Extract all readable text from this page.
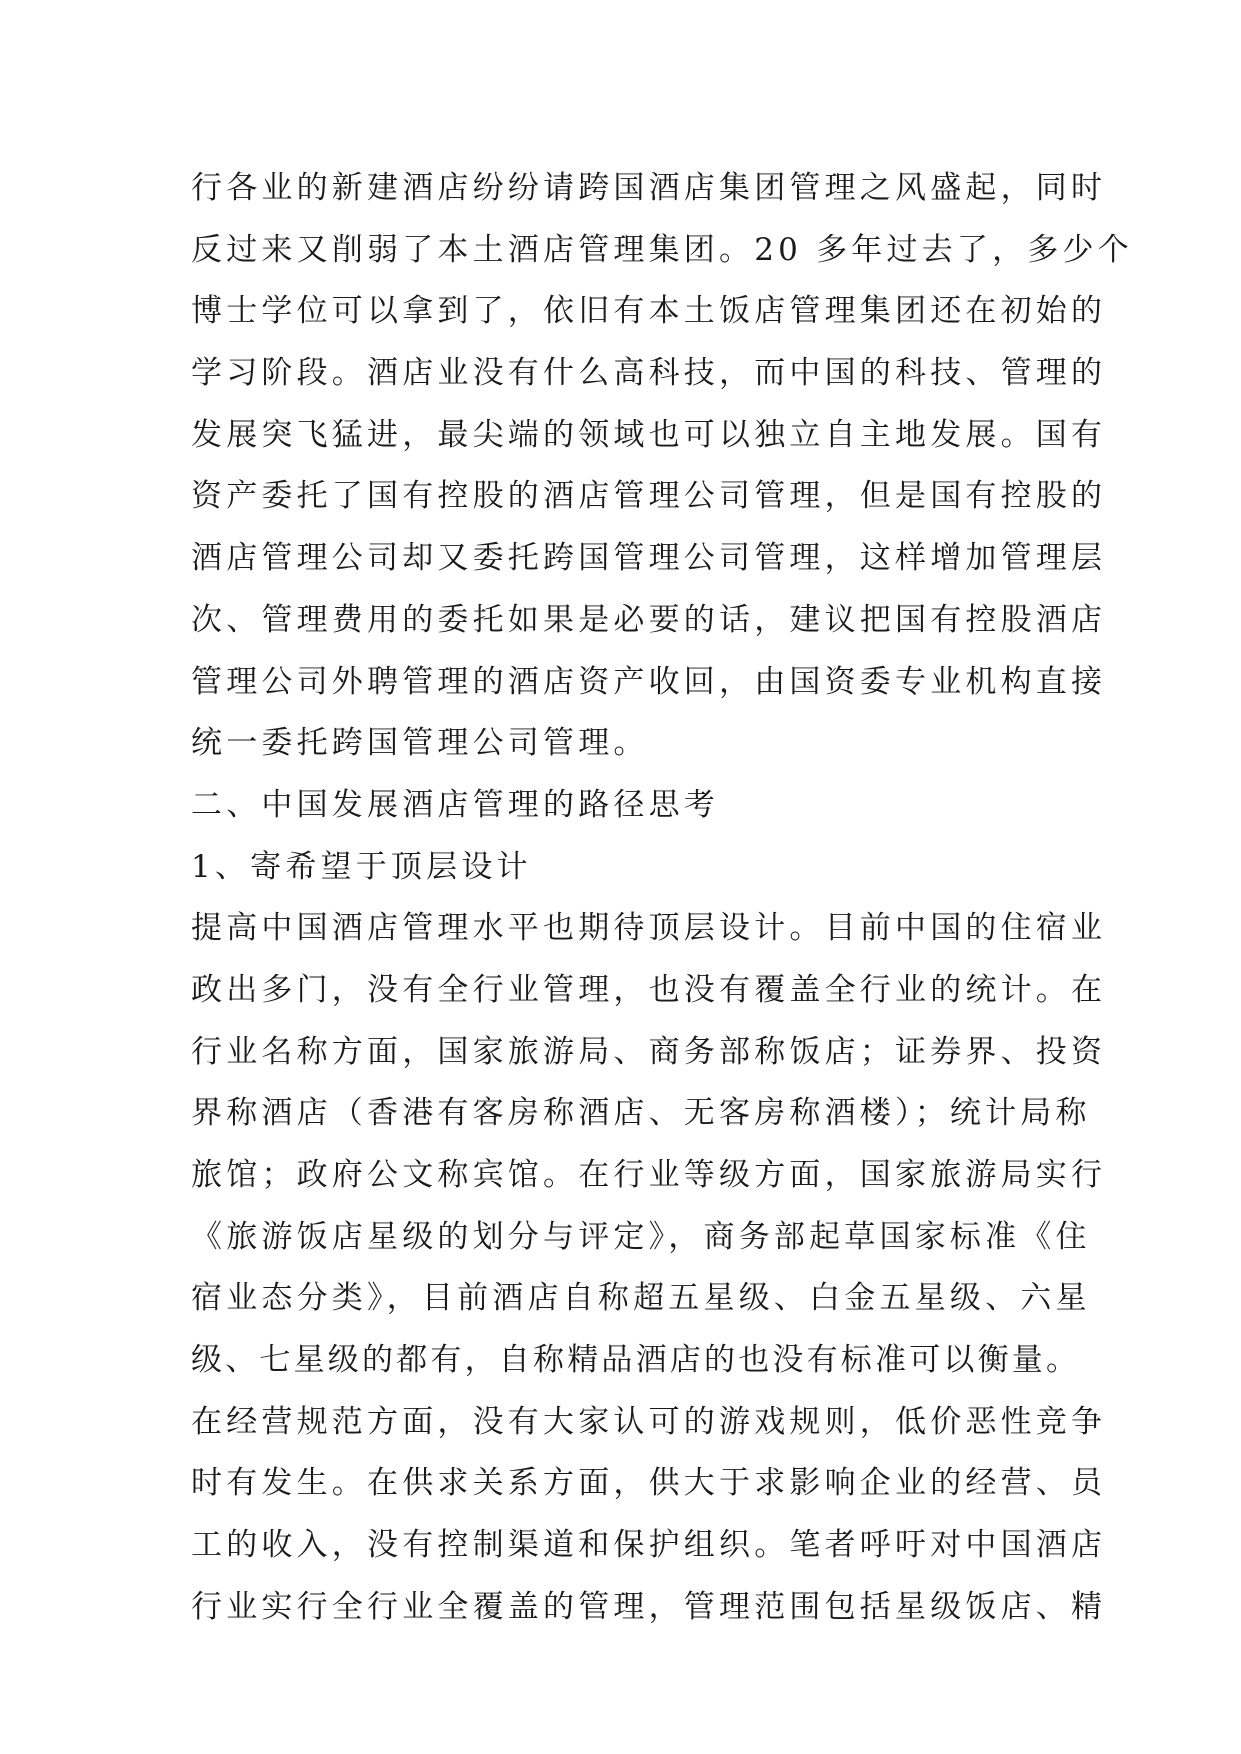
行各业的新建酒店纷纷请跨国酒店集团管理之风盛起，同时
反过来又削弱了本土酒店管理集团。20 多年过去了，多少个
博士学位可以拿到了，依旧有本土饭店管理集团还在初始的
学习阶段。酒店业没有什么高科技，而中国的科技、管理的
发展突飞猛进，最尖端的领域也可以独立自主地发展。国有
资产委托了国有控股的酒店管理公司管理，但是国有控股的
酒店管理公司却又委托跨国管理公司管理，这样增加管理层
次、管理费用的委托如果是必要的话，建议把国有控股酒店
管理公司外聘管理的酒店资产收回，由国资委专业机构直接
统一委托跨国管理公司管理。
二、中国发展酒店管理的路径思考
1、寄希望于顶层设计
提高中国酒店管理水平也期待顶层设计。目前中国的住宿业
政出多门，没有全行业管理，也没有覆盖全行业的统计。在
行业名称方面，国家旅游局、商务部称饭店；证券界、投资
界称酒店（香港有客房称酒店、无客房称酒楼）；统计局称
旅馆；政府公文称宾馆。在行业等级方面，国家旅游局实行
《旅游饭店星级的划分与评定》，商务部起草国家标准《住
宿业态分类》，目前酒店自称超五星级、白金五星级、六星
级、七星级的都有，自称精品酒店的也没有标准可以衡量。
在经营规范方面，没有大家认可的游戏规则，低价恶性竞争
时有发生。在供求关系方面，供大于求影响企业的经营、员
工的收入，没有控制渠道和保护组织。笔者呼吁对中国酒店
行业实行全行业全覆盖的管理，管理范围包括星级饭店、精
